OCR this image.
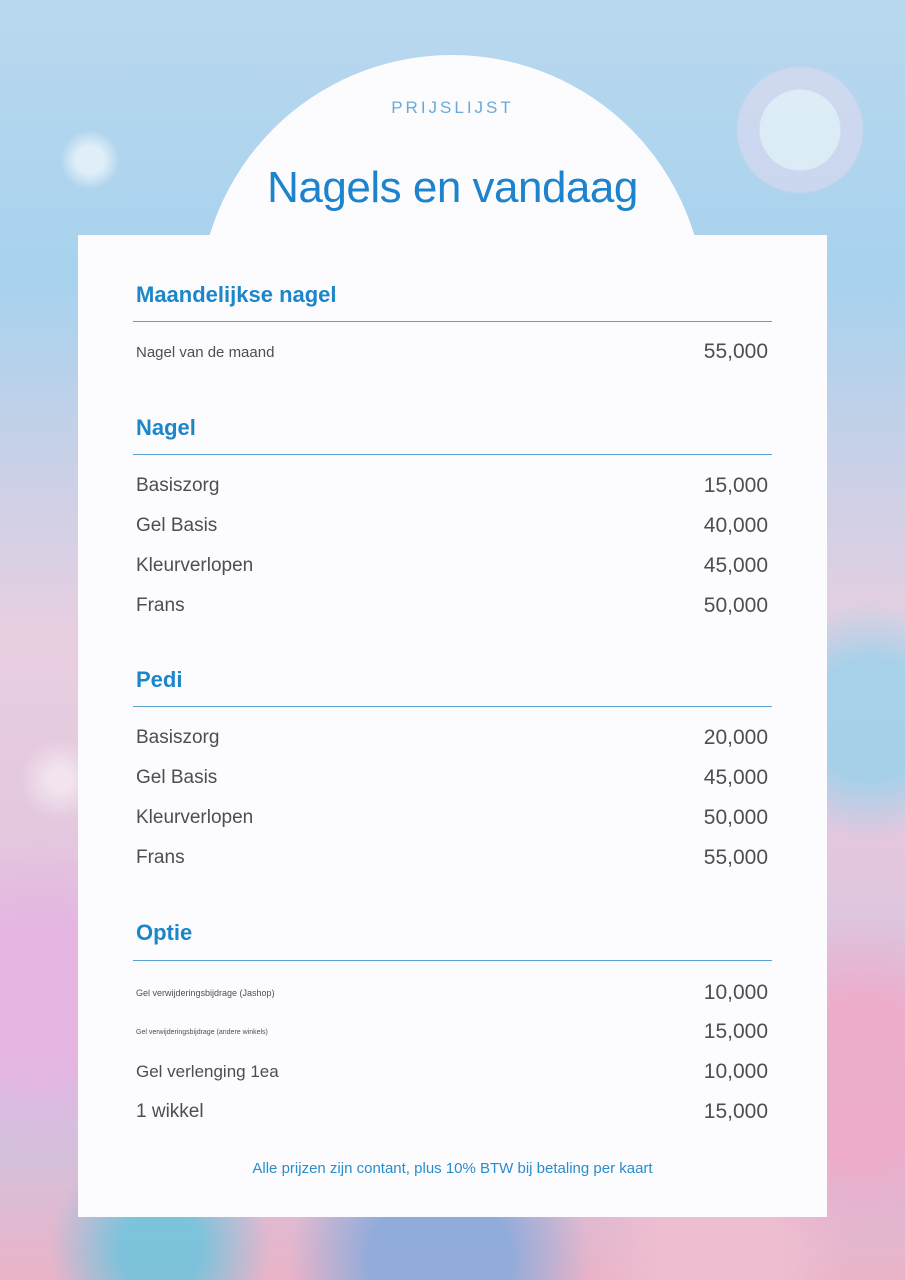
PRIJSLIJST
Nagels en vandaag
Maandelijkse nagel
Nagel van de maand	55,000
Nagel
Basiszorg	15,000
Gel Basis	40,000
Kleurverlopen	45,000
Frans	50,000
Pedi
Basiszorg	20,000
Gel Basis	45,000
Kleurverlopen	50,000
Frans	55,000
Optie
Gel verwijderingsbijdrage (Jashop)	10,000
Gel verwijderingsbijdrage (andere winkels)	15,000
Gel verlenging 1ea	10,000
1 wikkel	15,000
Alle prijzen zijn contant, plus 10% BTW bij betaling per kaart
